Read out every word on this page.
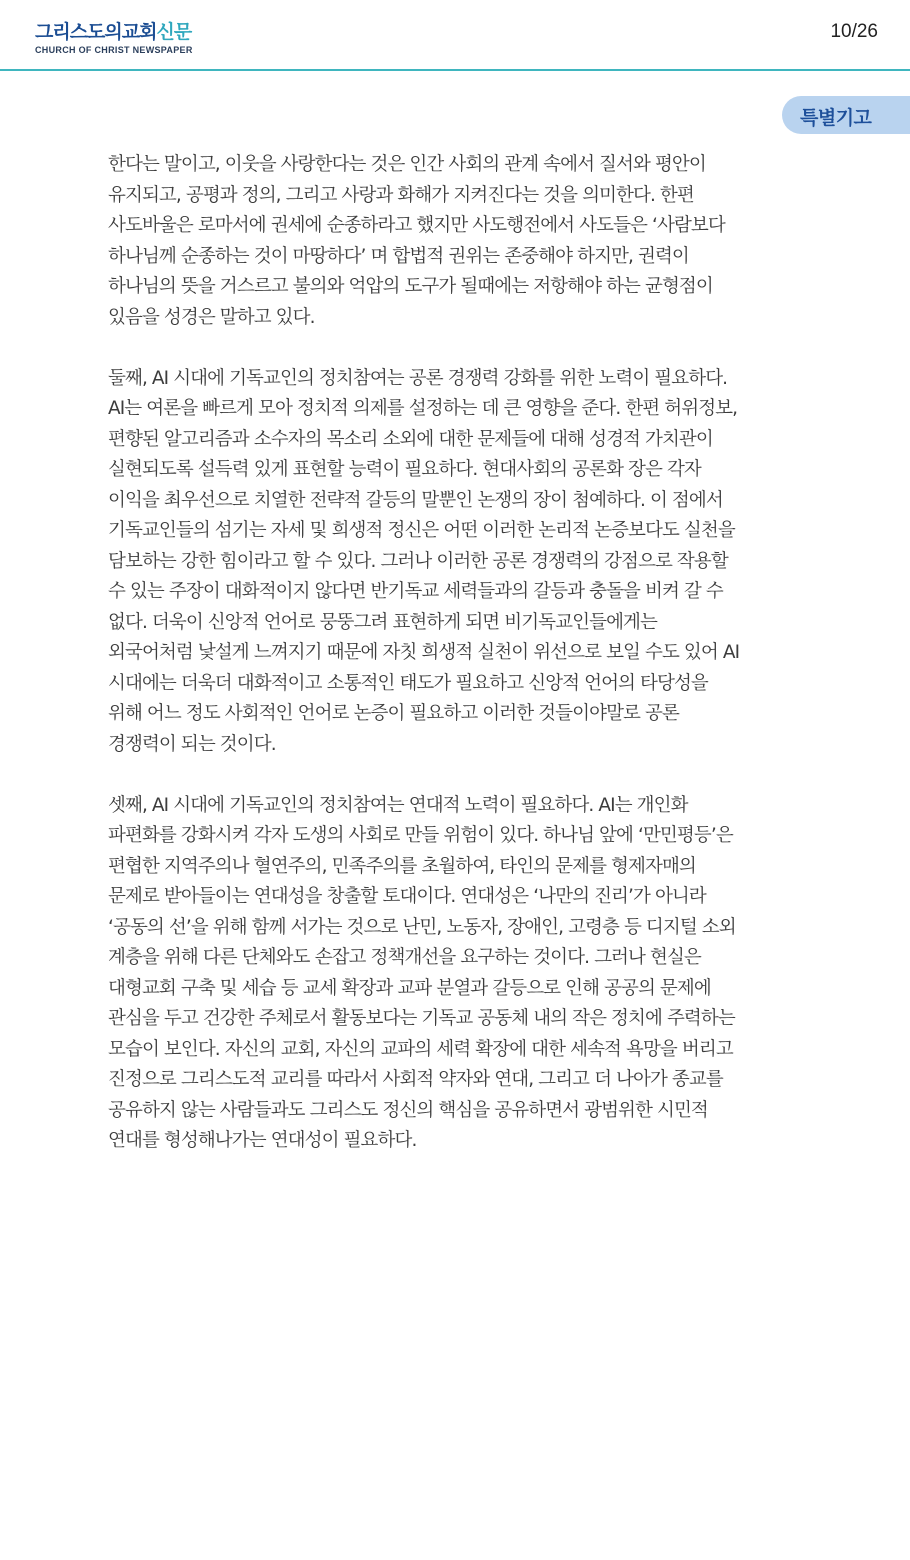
그리스도의교회신문
CHURCH OF CHRIST NEWSPAPER
10/26
특별기고
한다는 말이고, 이웃을 사랑한다는 것은 인간 사회의 관계 속에서 질서와 평안이
유지되고, 공평과 정의, 그리고 사랑과 화해가 지켜진다는 것을 의미한다. 한편
사도바울은 로마서에 권세에 순종하라고 했지만 사도행전에서 사도들은 ‘사람보다
하나님께 순종하는 것이 마땅하다’ 며 합법적 권위는 존중해야 하지만, 권력이
하나님의 뜻을 거스르고 불의와 억압의 도구가 될때에는 저항해야 하는 균형점이
있음을 성경은 말하고 있다.
둘째, AI 시대에 기독교인의 정치참여는 공론 경쟁력 강화를 위한 노력이 필요하다.
AI는 여론을 빠르게 모아 정치적 의제를 설정하는 데 큰 영향을 준다. 한편 허위정보,
편향된 알고리즘과 소수자의 목소리 소외에 대한 문제들에 대해 성경적 가치관이
실현되도록 설득력 있게 표현할 능력이 필요하다. 현대사회의 공론화 장은 각자
이익을 최우선으로 치열한 전략적 갈등의 말뿐인 논쟁의 장이 첨예하다. 이 점에서
기독교인들의 섬기는 자세 및 희생적 정신은 어떤 이러한 논리적 논증보다도 실천을
담보하는 강한 힘이라고 할 수 있다. 그러나 이러한 공론 경쟁력의 강점으로 작용할
수 있는 주장이 대화적이지 않다면 반기독교 세력들과의 갈등과 충돌을 비켜 갈 수
없다. 더욱이 신앙적 언어로 뭉뚱그려 표현하게 되면 비기독교인들에게는
외국어처럼 낯설게 느껴지기 때문에 자칫 희생적 실천이 위선으로 보일 수도 있어 AI
시대에는 더욱더 대화적이고 소통적인 태도가 필요하고 신앙적 언어의 타당성을
위해 어느 정도 사회적인 언어로 논증이 필요하고 이러한 것들이야말로 공론
경쟁력이 되는 것이다.
셋째, AI 시대에 기독교인의 정치참여는 연대적 노력이 필요하다. AI는 개인화
파편화를 강화시켜 각자 도생의 사회로 만들 위험이 있다. 하나님 앞에 ‘만민평등’은
편협한 지역주의나 혈연주의, 민족주의를 초월하여, 타인의 문제를 형제자매의
문제로 받아들이는 연대성을 창출할 토대이다. 연대성은 ‘나만의 진리’가 아니라
‘공동의 선’을 위해 함께 서가는 것으로 난민, 노동자, 장애인, 고령층 등 디지털 소외
계층을 위해 다른 단체와도 손잡고 정책개선을 요구하는 것이다. 그러나 현실은
대형교회 구축 및 세습 등 교세 확장과 교파 분열과 갈등으로 인해 공공의 문제에
관심을 두고 건강한 주체로서 활동보다는 기독교 공동체 내의 작은 정치에 주력하는
모습이 보인다. 자신의 교회, 자신의 교파의 세력 확장에 대한 세속적 욕망을 버리고
진정으로 그리스도적 교리를 따라서 사회적 약자와 연대, 그리고 더 나아가 종교를
공유하지 않는 사람들과도 그리스도 정신의 핵심을 공유하면서 광범위한 시민적
연대를 형성해나가는 연대성이 필요하다.
